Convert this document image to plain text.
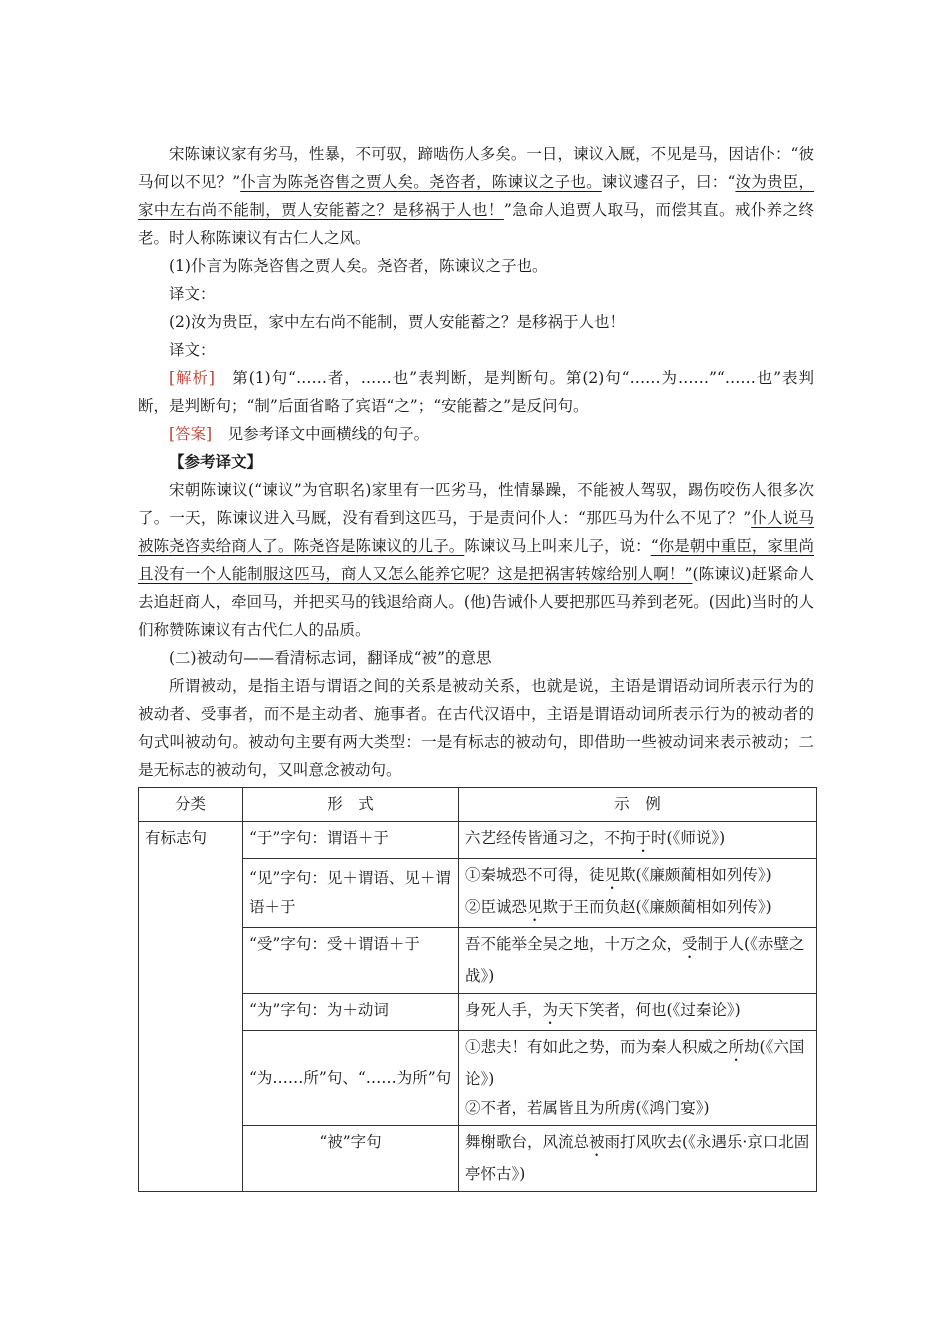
宋陈谏议家有劣马，性暴，不可驭，蹄啮伤人多矣。一日，谏议入厩，不见是马，因诘仆：“彼马何以不见？”仆言为陈尧咨售之贾人矣。尧咨者，陈谏议之子也。谏议遽召子，曰：“汝为贵臣，家中左右尚不能制，贾人安能蓄之？是移祸于人也！”急命人追贾人取马，而偿其直。戒仆养之终老。时人称陈谏议有古仁人之风。

(1)仆言为陈尧咨售之贾人矣。尧咨者，陈谏议之子也。

译文：

(2)汝为贵臣，家中左右尚不能制，贾人安能蓄之？是移祸于人也！

译文：

[解析]　第(1)句“……者，……也”表判断，是判断句。第(2)句“……为……”“……也”表判断，是判断句；“制”后面省略了宾语“之”；“安能蓄之”是反问句。

[答案]　见参考译文中画横线的句子。

【参考译文】

宋朝陈谏议(“谏议”为官职名)家里有一匹劣马，性情暴躁，不能被人驾驭，踢伤咬伤人很多次了。一天，陈谏议进入马厩，没有看到这匹马，于是责问仆人：“那匹马为什么不见了？”仆人说马被陈尧咨卖给商人了。陈尧咨是陈谏议的儿子。陈谏议马上叫来儿子，说：“你是朝中重臣，家里尚且没有一个人能制服这匹马，商人又怎么能养它呢？这是把祸害转嫁给别人啊！”(陈谏议)赶紧命人去追赶商人，牵回马，并把买马的钱退给商人。(他)告诫仆人要把那匹马养到老死。(因此)当时的人们称赞陈谏议有古代仁人的品质。

(二)被动句——看清标志词，翻译成“被”的意思

所谓被动，是指主语与谓语之间的关系是被动关系，也就是说，主语是谓语动词所表示行为的被动者、受事者，而不是主动者、施事者。在古代汉语中，主语是谓语动词所表示行为的被动者的句式叫被动句。被动句主要有两大类型：一是有标志的被动句，即借助一些被动词来表示被动；二是无标志的被动句，又叫意念被动句。

分类	形　式	示　例
有标志句	“于”字句：谓语＋于	六艺经传皆通习之，不拘于时(《师说》)

	“见”字句：见＋谓语、见＋谓语＋于	①秦城恐不可得，徒见欺(《廉颇蔺相如列传》)
②臣诚恐见欺于王而负赵(《廉颇蔺相如列传》)

	“受”字句：受＋谓语＋于	吾不能举全吴之地，十万之众，受制于人(《赤壁之战》)

	“为”字句：为＋动词	身死人手，为天下笑者，何也(《过秦论》)

	“为……所”句、“……为所”句	①悲夫！有如此之势，而为秦人积威之所劫(《六国论》)
②不者，若属皆且为所虏(《鸿门宴》)

	“被”字句	舞榭歌台，风流总被雨打风吹去(《永遇乐·京口北固亭怀古》)
